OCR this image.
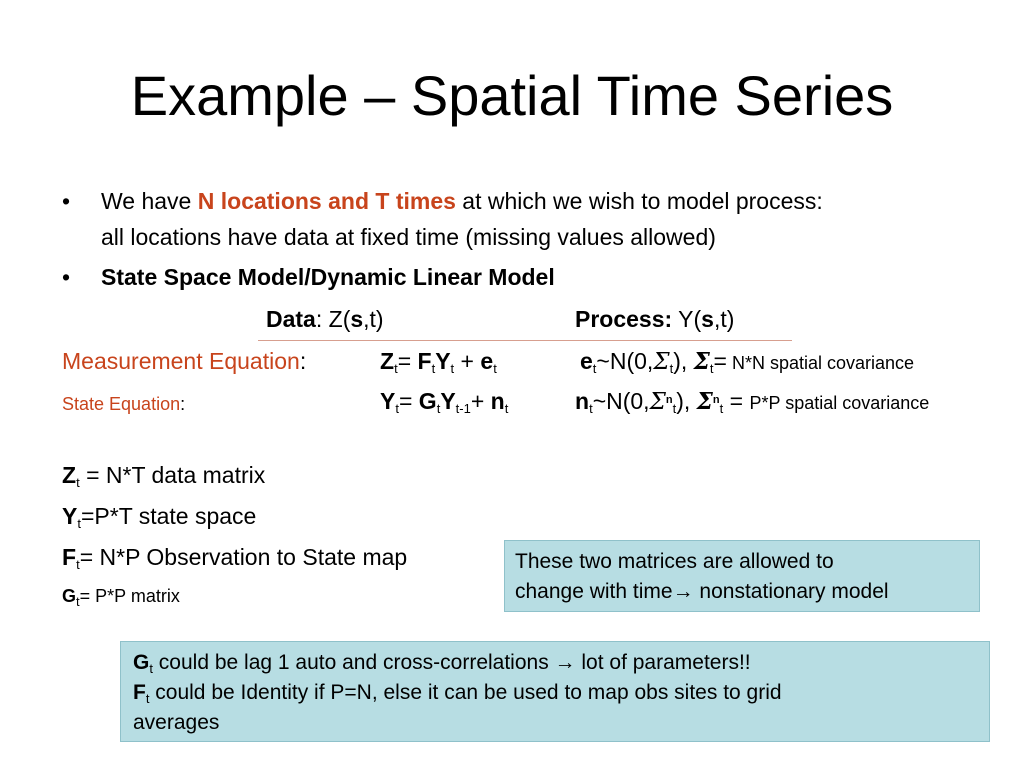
Example – Spatial Time Series
• We have N locations and T times at which we wish to model process:
all locations have data at fixed time (missing values allowed)
• State Space Model/Dynamic Linear Model
Data: Z(s,t)	Process: Y(s,t)
Measurement Equation:	$Z_t= F_tY_t + e_t$	$e_t\sim N(0,\Sigma_t)$, $\Sigma_t= N*N$ spatial covariance
State Equation:	$Y_t= G_tY_{t-1}+ n_t$	$n_t\sim N(0,\Sigma^n_t)$, $\Sigma^n_t = P*P$ spatial covariance
$Z_t = N*T$ data matrix
$Y_t=P*T$ state space
$F_t= N*P$ Observation to State map
$G_t= P*P$ matrix
These two matrices are allowed to
change with time→ nonstationary model
$G_t$ could be lag 1 auto and cross-correlations → lot of parameters!!
$F_t$ could be Identity if P=N, else it can be used to map obs sites to grid
averages
